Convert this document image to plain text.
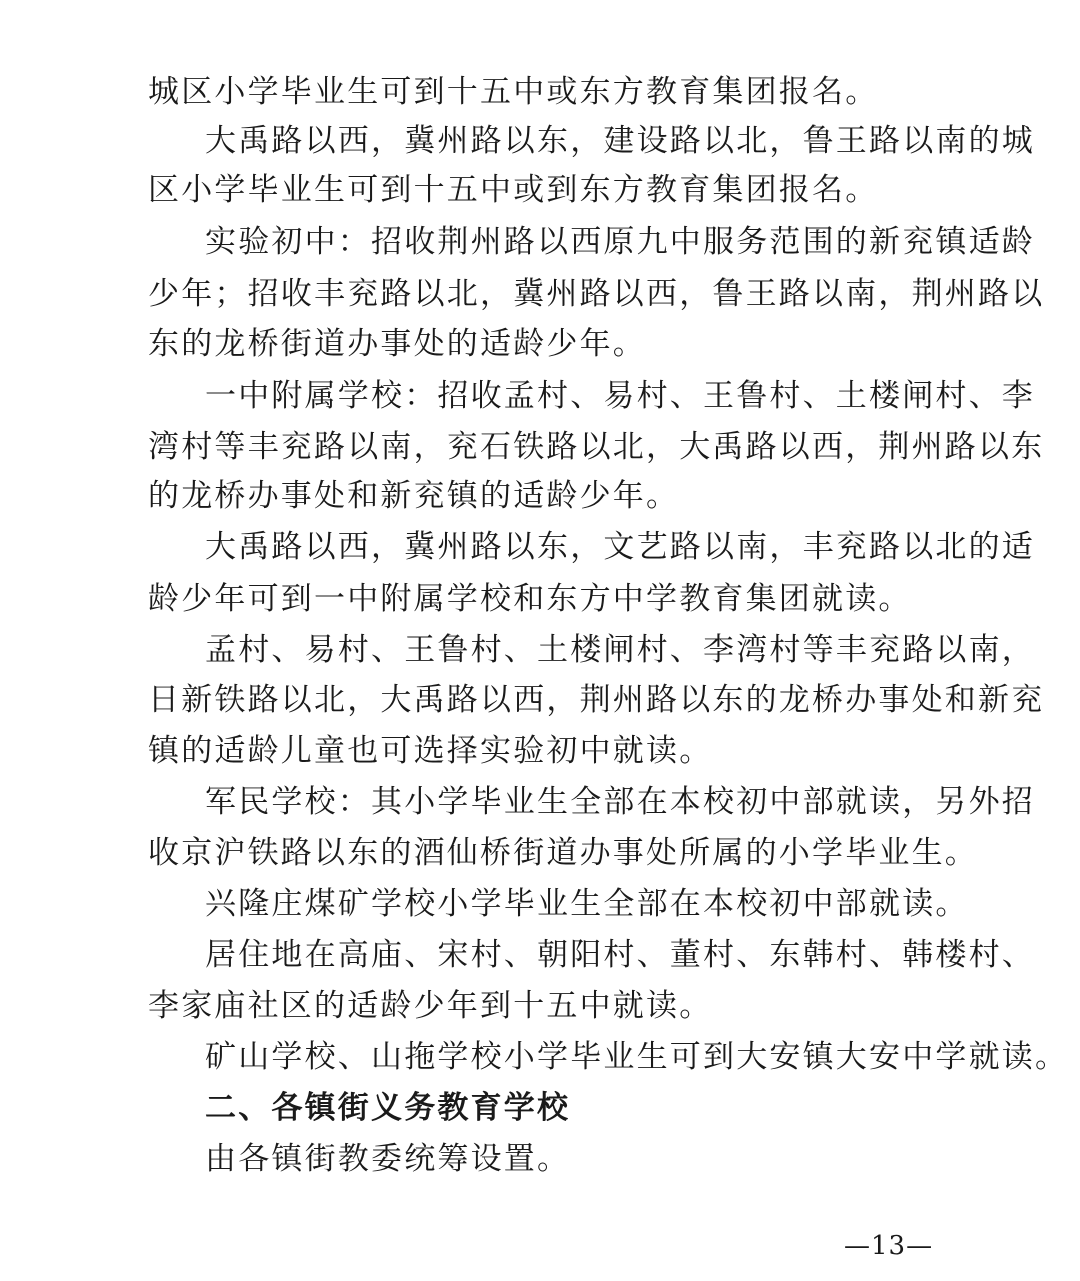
城区小学毕业生可到十五中或东方教育集团报名。
大禹路以西，冀州路以东，建设路以北，鲁王路以南的城
区小学毕业生可到十五中或到东方教育集团报名。
实验初中：招收荆州路以西原九中服务范围的新兖镇适龄
少年；招收丰兖路以北，冀州路以西，鲁王路以南，荆州路以
东的龙桥街道办事处的适龄少年。
一中附属学校：招收孟村、易村、王鲁村、土楼闸村、李
湾村等丰兖路以南，兖石铁路以北，大禹路以西，荆州路以东
的龙桥办事处和新兖镇的适龄少年。
大禹路以西，冀州路以东，文艺路以南，丰兖路以北的适
龄少年可到一中附属学校和东方中学教育集团就读。
孟村、易村、王鲁村、土楼闸村、李湾村等丰兖路以南，
日新铁路以北，大禹路以西，荆州路以东的龙桥办事处和新兖
镇的适龄儿童也可选择实验初中就读。
军民学校：其小学毕业生全部在本校初中部就读，另外招
收京沪铁路以东的酒仙桥街道办事处所属的小学毕业生。
兴隆庄煤矿学校小学毕业生全部在本校初中部就读。
居住地在高庙、宋村、朝阳村、董村、东韩村、韩楼村、
李家庙社区的适龄少年到十五中就读。
矿山学校、山拖学校小学毕业生可到大安镇大安中学就读。
二、各镇街义务教育学校
由各镇街教委统筹设置。
—13—
